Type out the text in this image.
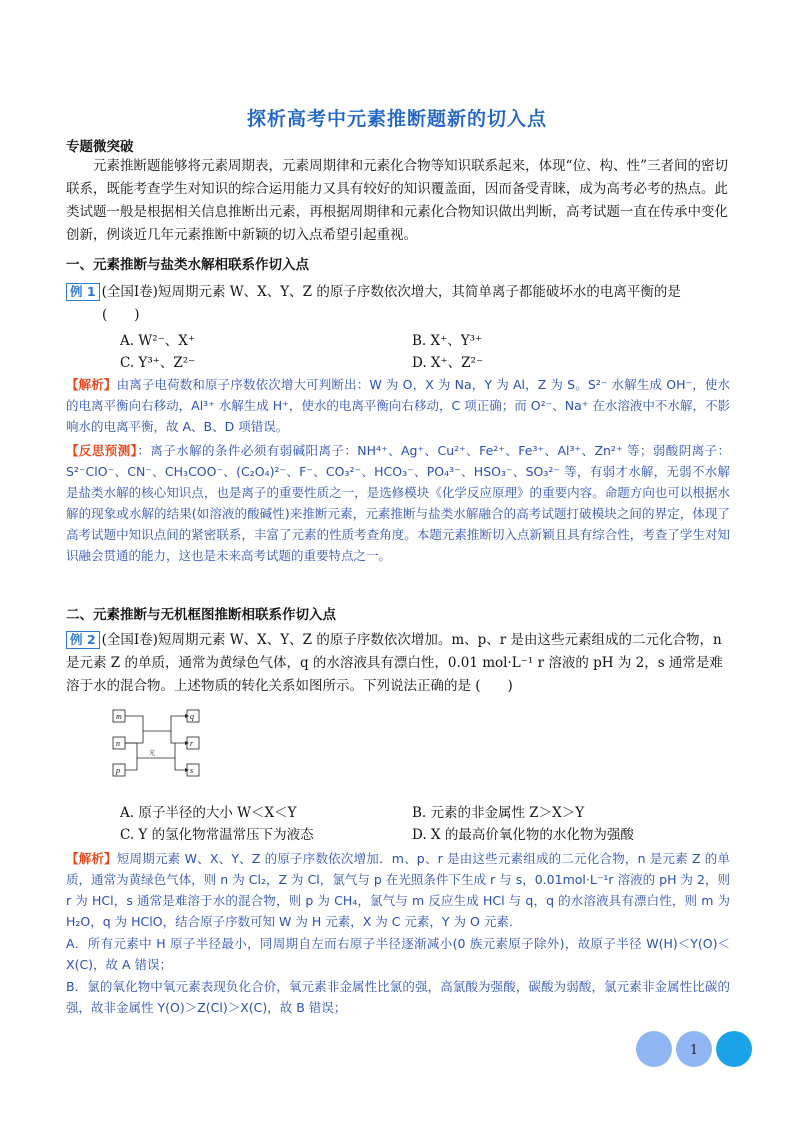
探析高考中元素推断题新的切入点
专题微突破
元素推断题能够将元素周期表，元素周期律和元素化合物等知识联系起来，体现“位、构、性”三者间的密切联系，既能考查学生对知识的综合运用能力又具有较好的知识覆盖面，因而备受青睐，成为高考必考的热点。此类试题一般是根据相关信息推断出元素，再根据周期律和元素化合物知识做出判断，高考试题一直在传承中变化创新，例谈近几年元素推断中新颖的切入点希望引起重视。
一、元素推断与盐类水解相联系作切入点
例 1 (全国Ⅰ卷)短周期元素 W、X、Y、Z 的原子序数依次增大，其简单离子都能破坏水的电离平衡的是
(　　)
A. W²⁻、X⁺	B. X⁺、Y³⁺
C. Y³⁺、Z²⁻	D. X⁺、Z²⁻
【解析】由离子电荷数和原子序数依次增大可判断出：W 为 O，X 为 Na，Y 为 Al，Z 为 S。S²⁻ 水解生成 OH⁻，使水的电离平衡向右移动，Al³⁺ 水解生成 H⁺，使水的电离平衡向右移动，C 项正确；而 O²⁻、Na⁺ 在水溶液中不水解，不影响水的电离平衡，故 A、B、D 项错误。
【反思预测】：离子水解的条件必须有弱碱阳离子：NH⁴⁺、Ag⁺、Cu²⁺、Fe²⁺、Fe³⁺、Al³⁺、Zn²⁺ 等；弱酸阴离子：S²⁻ClO⁻、CN⁻、CH₃COO⁻、(C₂O₄)²⁻、F⁻、CO₃²⁻、HCO₃⁻、PO₄³⁻、HSO₃⁻、SO₃²⁻ 等，有弱才水解，无弱不水解是盐类水解的核心知识点，也是离子的重要性质之一，是选修模块《化学反应原理》的重要内容。命题方向也可以根据水解的现象或水解的结果(如溶液的酸碱性)来推断元素，元素推断与盐类水解融合的高考试题打破模块之间的界定，体现了高考试题中知识点间的紧密联系，丰富了元素的性质考查角度。本题元素推断切入点新颖且具有综合性，考查了学生对知识融会贯通的能力，这也是未来高考试题的重要特点之一。
二、元素推断与无机框图推断相联系作切入点
例 2 (全国Ⅰ卷)短周期元素 W、X、Y、Z 的原子序数依次增加。m、p、r 是由这些元素组成的二元化合物，n 是元素 Z 的单质，通常为黄绿色气体，q 的水溶液具有漂白性，0.01 mol·L⁻¹ r 溶液的 pH 为 2，s 通常是难溶于水的混合物。上述物质的转化关系如图所示。下列说法正确的是 (　　)
m
n
p
q
r
s
光
A. 原子半径的大小 W＜X＜Y	B. 元素的非金属性 Z＞X＞Y
C. Y 的氢化物常温常压下为液态	D. X 的最高价氧化物的水化物为强酸
【解析】短周期元素 W、X、Y、Z 的原子序数依次增加．m、p、r 是由这些元素组成的二元化合物，n 是元素 Z 的单质，通常为黄绿色气体，则 n 为 Cl₂，Z 为 Cl，氯气与 p 在光照条件下生成 r 与 s，0.01mol·L⁻¹r 溶液的 pH 为 2，则 r 为 HCl，s 通常是难溶于水的混合物，则 p 为 CH₄，氯气与 m 反应生成 HCl 与 q，q 的水溶液具有漂白性，则 m 为 H₂O，q 为 HClO，结合原子序数可知 W 为 H 元素，X 为 C 元素，Y 为 O 元素．
A．所有元素中 H 原子半径最小，同周期自左而右原子半径逐渐减小(0 族元素原子除外)，故原子半径 W(H)＜Y(O)＜X(C)，故 A 错误；
B．氯的氧化物中氧元素表现负化合价，氧元素非金属性比氯的强，高氯酸为强酸，碳酸为弱酸，氯元素非金属性比碳的强，故非金属性 Y(O)＞Z(Cl)＞X(C)，故 B 错误；
1
